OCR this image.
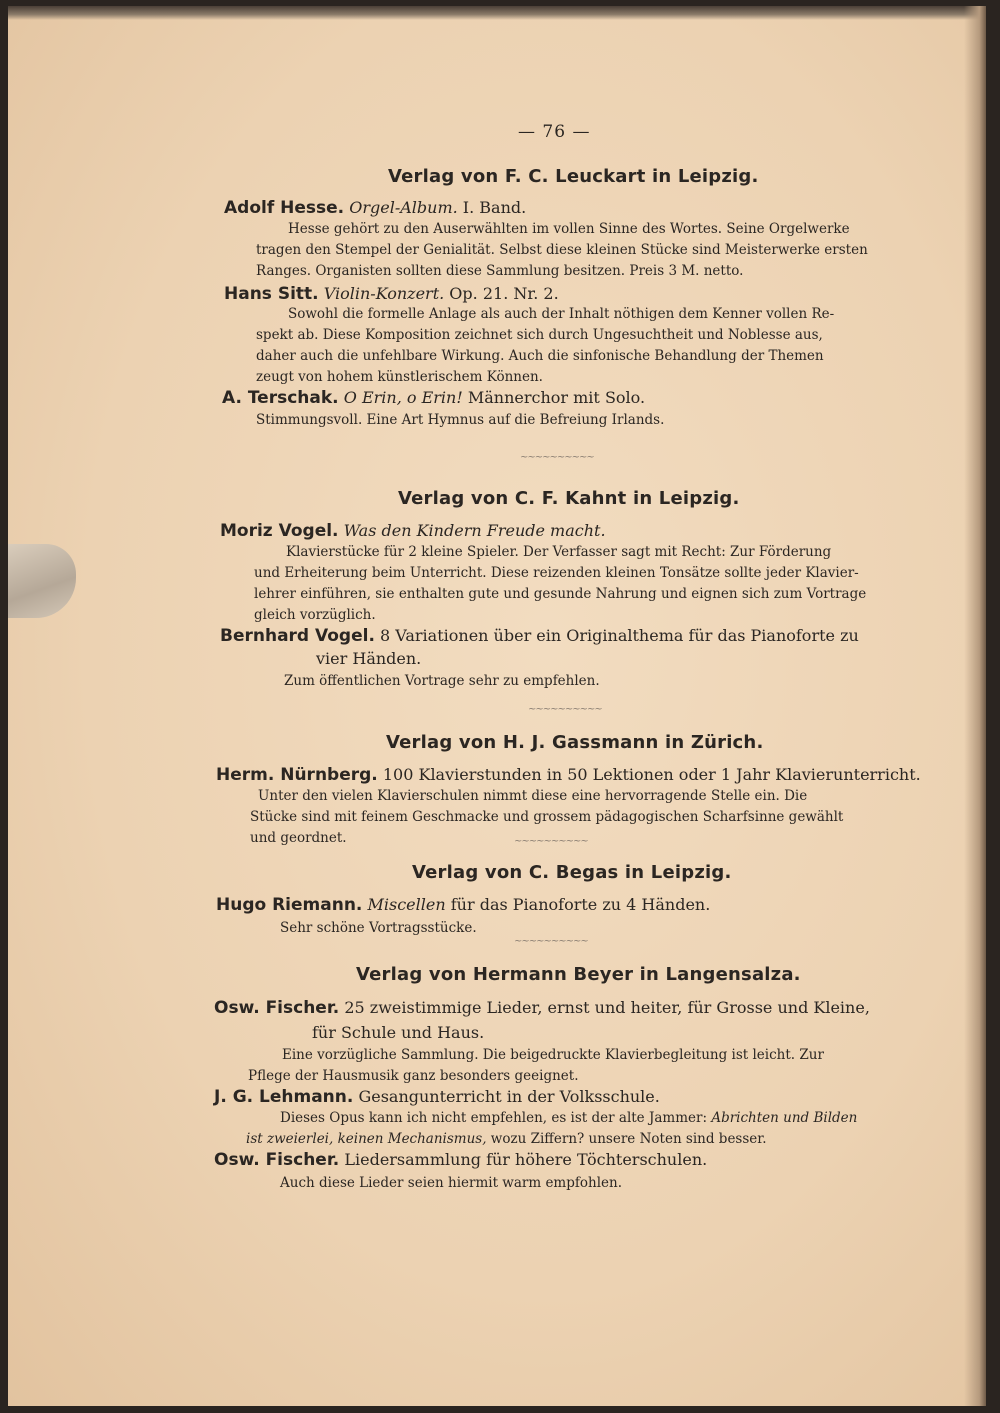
— 76 —
Verlag von F. C. Leuckart in Leipzig.
Adolf Hesse. Orgel-Album. I. Band.
Hesse gehört zu den Auserwählten im vollen Sinne des Wortes. Seine Orgelwerke
tragen den Stempel der Genialität. Selbst diese kleinen Stücke sind Meisterwerke ersten
Ranges. Organisten sollten diese Sammlung besitzen. Preis 3 M. netto.
Hans Sitt. Violin-Konzert. Op. 21. Nr. 2.
Sowohl die formelle Anlage als auch der Inhalt nöthigen dem Kenner vollen Re-
spekt ab. Diese Komposition zeichnet sich durch Ungesuchtheit und Noblesse aus,
daher auch die unfehlbare Wirkung. Auch die sinfonische Behandlung der Themen
zeugt von hohem künstlerischem Können.
A. Terschak. O Erin, o Erin! Männerchor mit Solo.
Stimmungsvoll. Eine Art Hymnus auf die Befreiung Irlands.
~~~~~~~~~~
Verlag von C. F. Kahnt in Leipzig.
Moriz Vogel. Was den Kindern Freude macht.
Klavierstücke für 2 kleine Spieler. Der Verfasser sagt mit Recht: Zur Förderung
und Erheiterung beim Unterricht. Diese reizenden kleinen Tonsätze sollte jeder Klavier-
lehrer einführen, sie enthalten gute und gesunde Nahrung und eignen sich zum Vortrage
gleich vorzüglich.
Bernhard Vogel. 8 Variationen über ein Originalthema für das Pianoforte zu
vier Händen.
Zum öffentlichen Vortrage sehr zu empfehlen.
~~~~~~~~~~
Verlag von H. J. Gassmann in Zürich.
Herm. Nürnberg. 100 Klavierstunden in 50 Lektionen oder 1 Jahr Klavierunterricht.
Unter den vielen Klavierschulen nimmt diese eine hervorragende Stelle ein. Die
Stücke sind mit feinem Geschmacke und grossem pädagogischen Scharfsinne gewählt
und geordnet.	~~~~~~~~~~
Verlag von C. Begas in Leipzig.
Hugo Riemann. Miscellen für das Pianoforte zu 4 Händen.
Sehr schöne Vortragsstücke.
~~~~~~~~~~
Verlag von Hermann Beyer in Langensalza.
Osw. Fischer. 25 zweistimmige Lieder, ernst und heiter, für Grosse und Kleine,
für Schule und Haus.
Eine vorzügliche Sammlung. Die beigedruckte Klavierbegleitung ist leicht. Zur
Pflege der Hausmusik ganz besonders geeignet.
J. G. Lehmann. Gesangunterricht in der Volksschule.
Dieses Opus kann ich nicht empfehlen, es ist der alte Jammer: Abrichten und Bilden
ist zweierlei, keinen Mechanismus, wozu Ziffern? unsere Noten sind besser.
Osw. Fischer. Liedersammlung für höhere Töchterschulen.
Auch diese Lieder seien hiermit warm empfohlen.
